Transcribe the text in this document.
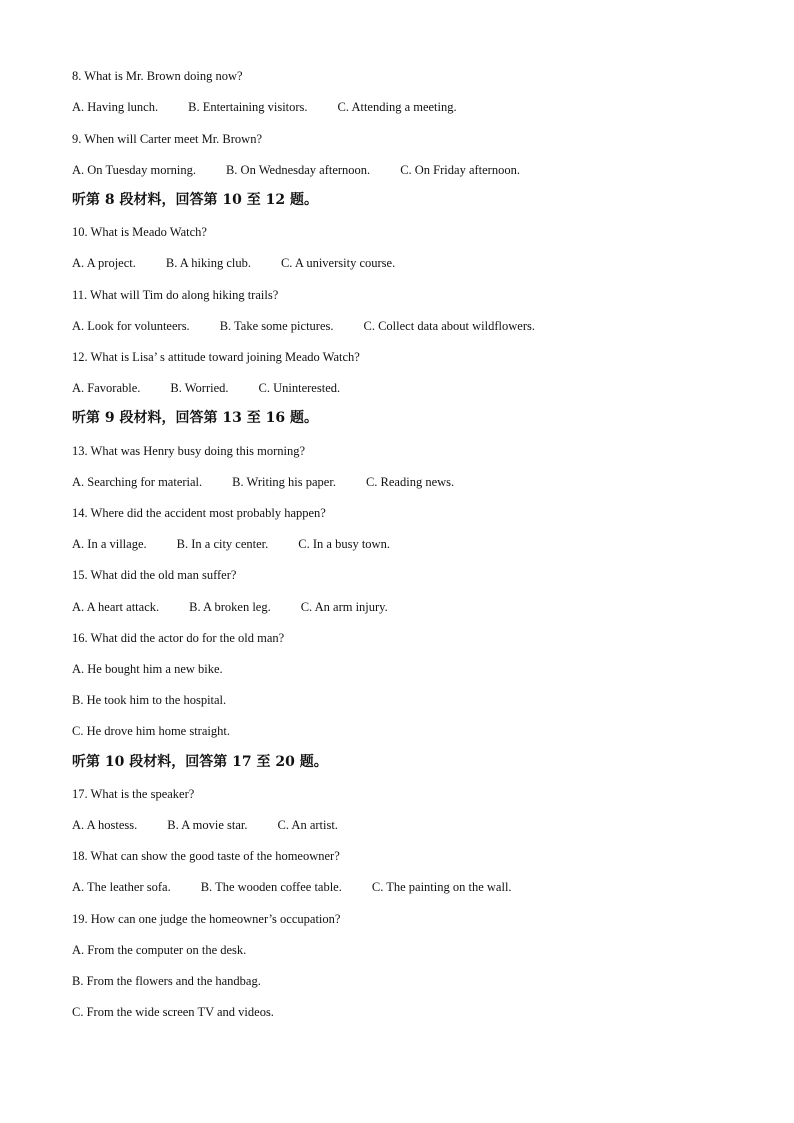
8. What is Mr. Brown doing now?
A. Having lunch. B. Entertaining visitors. C. Attending a meeting.
9. When will Carter meet Mr. Brown?
A. On Tuesday morning. B. On Wednesday afternoon. C. On Friday afternoon.
听第 8 段材料，回答第 10 至 12 题。
10. What is Meado Watch?
A. A project. B. A hiking club. C. A university course.
11. What will Tim do along hiking trails?
A. Look for volunteers. B. Take some pictures. C. Collect data about wildflowers.
12. What is Lisa’ s attitude toward joining Meado Watch?
A. Favorable. B. Worried. C. Uninterested.
听第 9 段材料，回答第 13 至 16 题。
13. What was Henry busy doing this morning?
A. Searching for material. B. Writing his paper. C. Reading news.
14. Where did the accident most probably happen?
A. In a village. B. In a city center. C. In a busy town.
15. What did the old man suffer?
A. A heart attack. B. A broken leg. C. An arm injury.
16. What did the actor do for the old man?
A. He bought him a new bike.
B. He took him to the hospital.
C. He drove him home straight.
听第 10 段材料，回答第 17 至 20 题。
17. What is the speaker?
A. A hostess. B. A movie star. C. An artist.
18. What can show the good taste of the homeowner?
A. The leather sofa. B. The wooden coffee table. C. The painting on the wall.
19. How can one judge the homeowner’s occupation?
A. From the computer on the desk.
B. From the flowers and the handbag.
C. From the wide screen TV and videos.
